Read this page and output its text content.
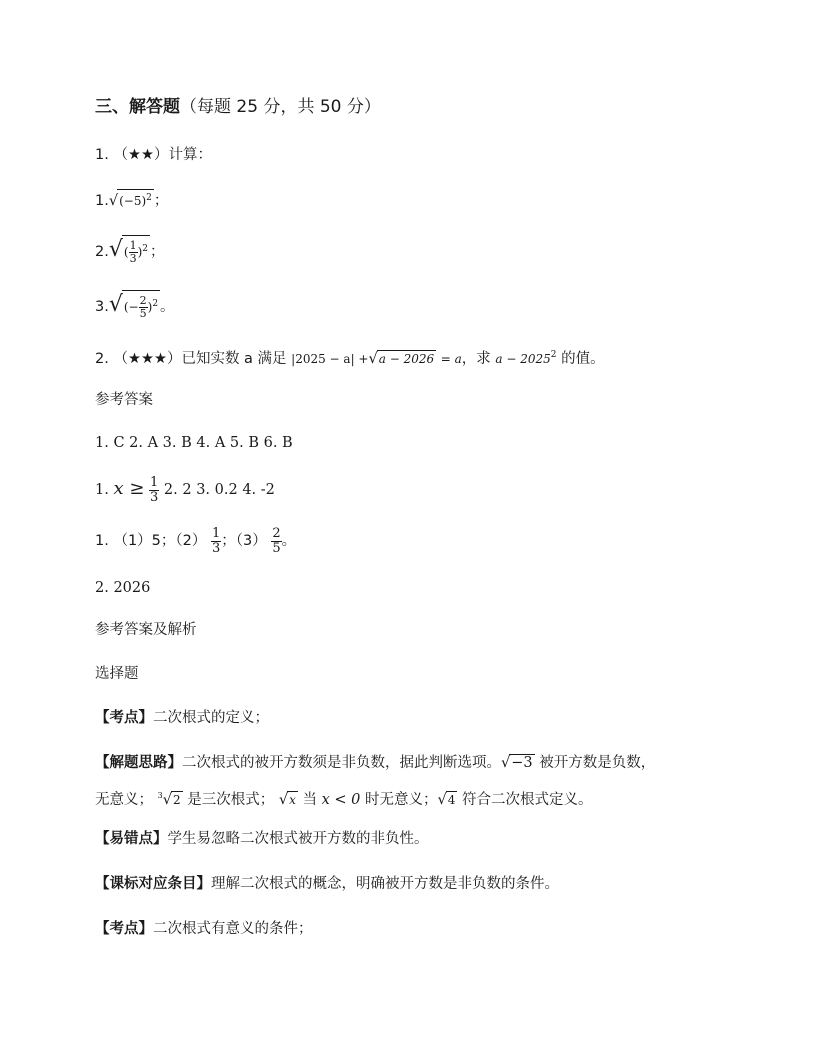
三、解答题（每题 25 分，共 50 分）
1. （★★）计算：
$1.√(-5)^2$ ；
$2.√( \frac{1}{3} )^2$ ；
$3.√(- \frac{2}{5} )^2$ 。
2. （★★★）已知实数 a 满足 |2025 − a| +√a − 2026 = a，求 $a - 2025^2$ 的值。
参考答案
1. C 2. A 3. B 4. A 5. B 6. B
1. $x \ge \frac{1}{3} 2$. 2 3. 0.2 4. -2
1. （1）5；$(2) \frac{1}{3}$ ；$(3) \frac{2}{5}$ 。
2. 2026
参考答案及解析
选择题
【考点】二次根式的定义；
【解题思路】二次根式的被开方数须是非负数，据此判断选项。√−3 被开方数是负数，
无意义； $^3$√2 是三次根式； √x 当 x < 0 时无意义；√4 符合二次根式定义。
【易错点】学生易忽略二次根式被开方数的非负性。
【课标对应条目】理解二次根式的概念，明确被开方数是非负数的条件。
【考点】二次根式有意义的条件；
